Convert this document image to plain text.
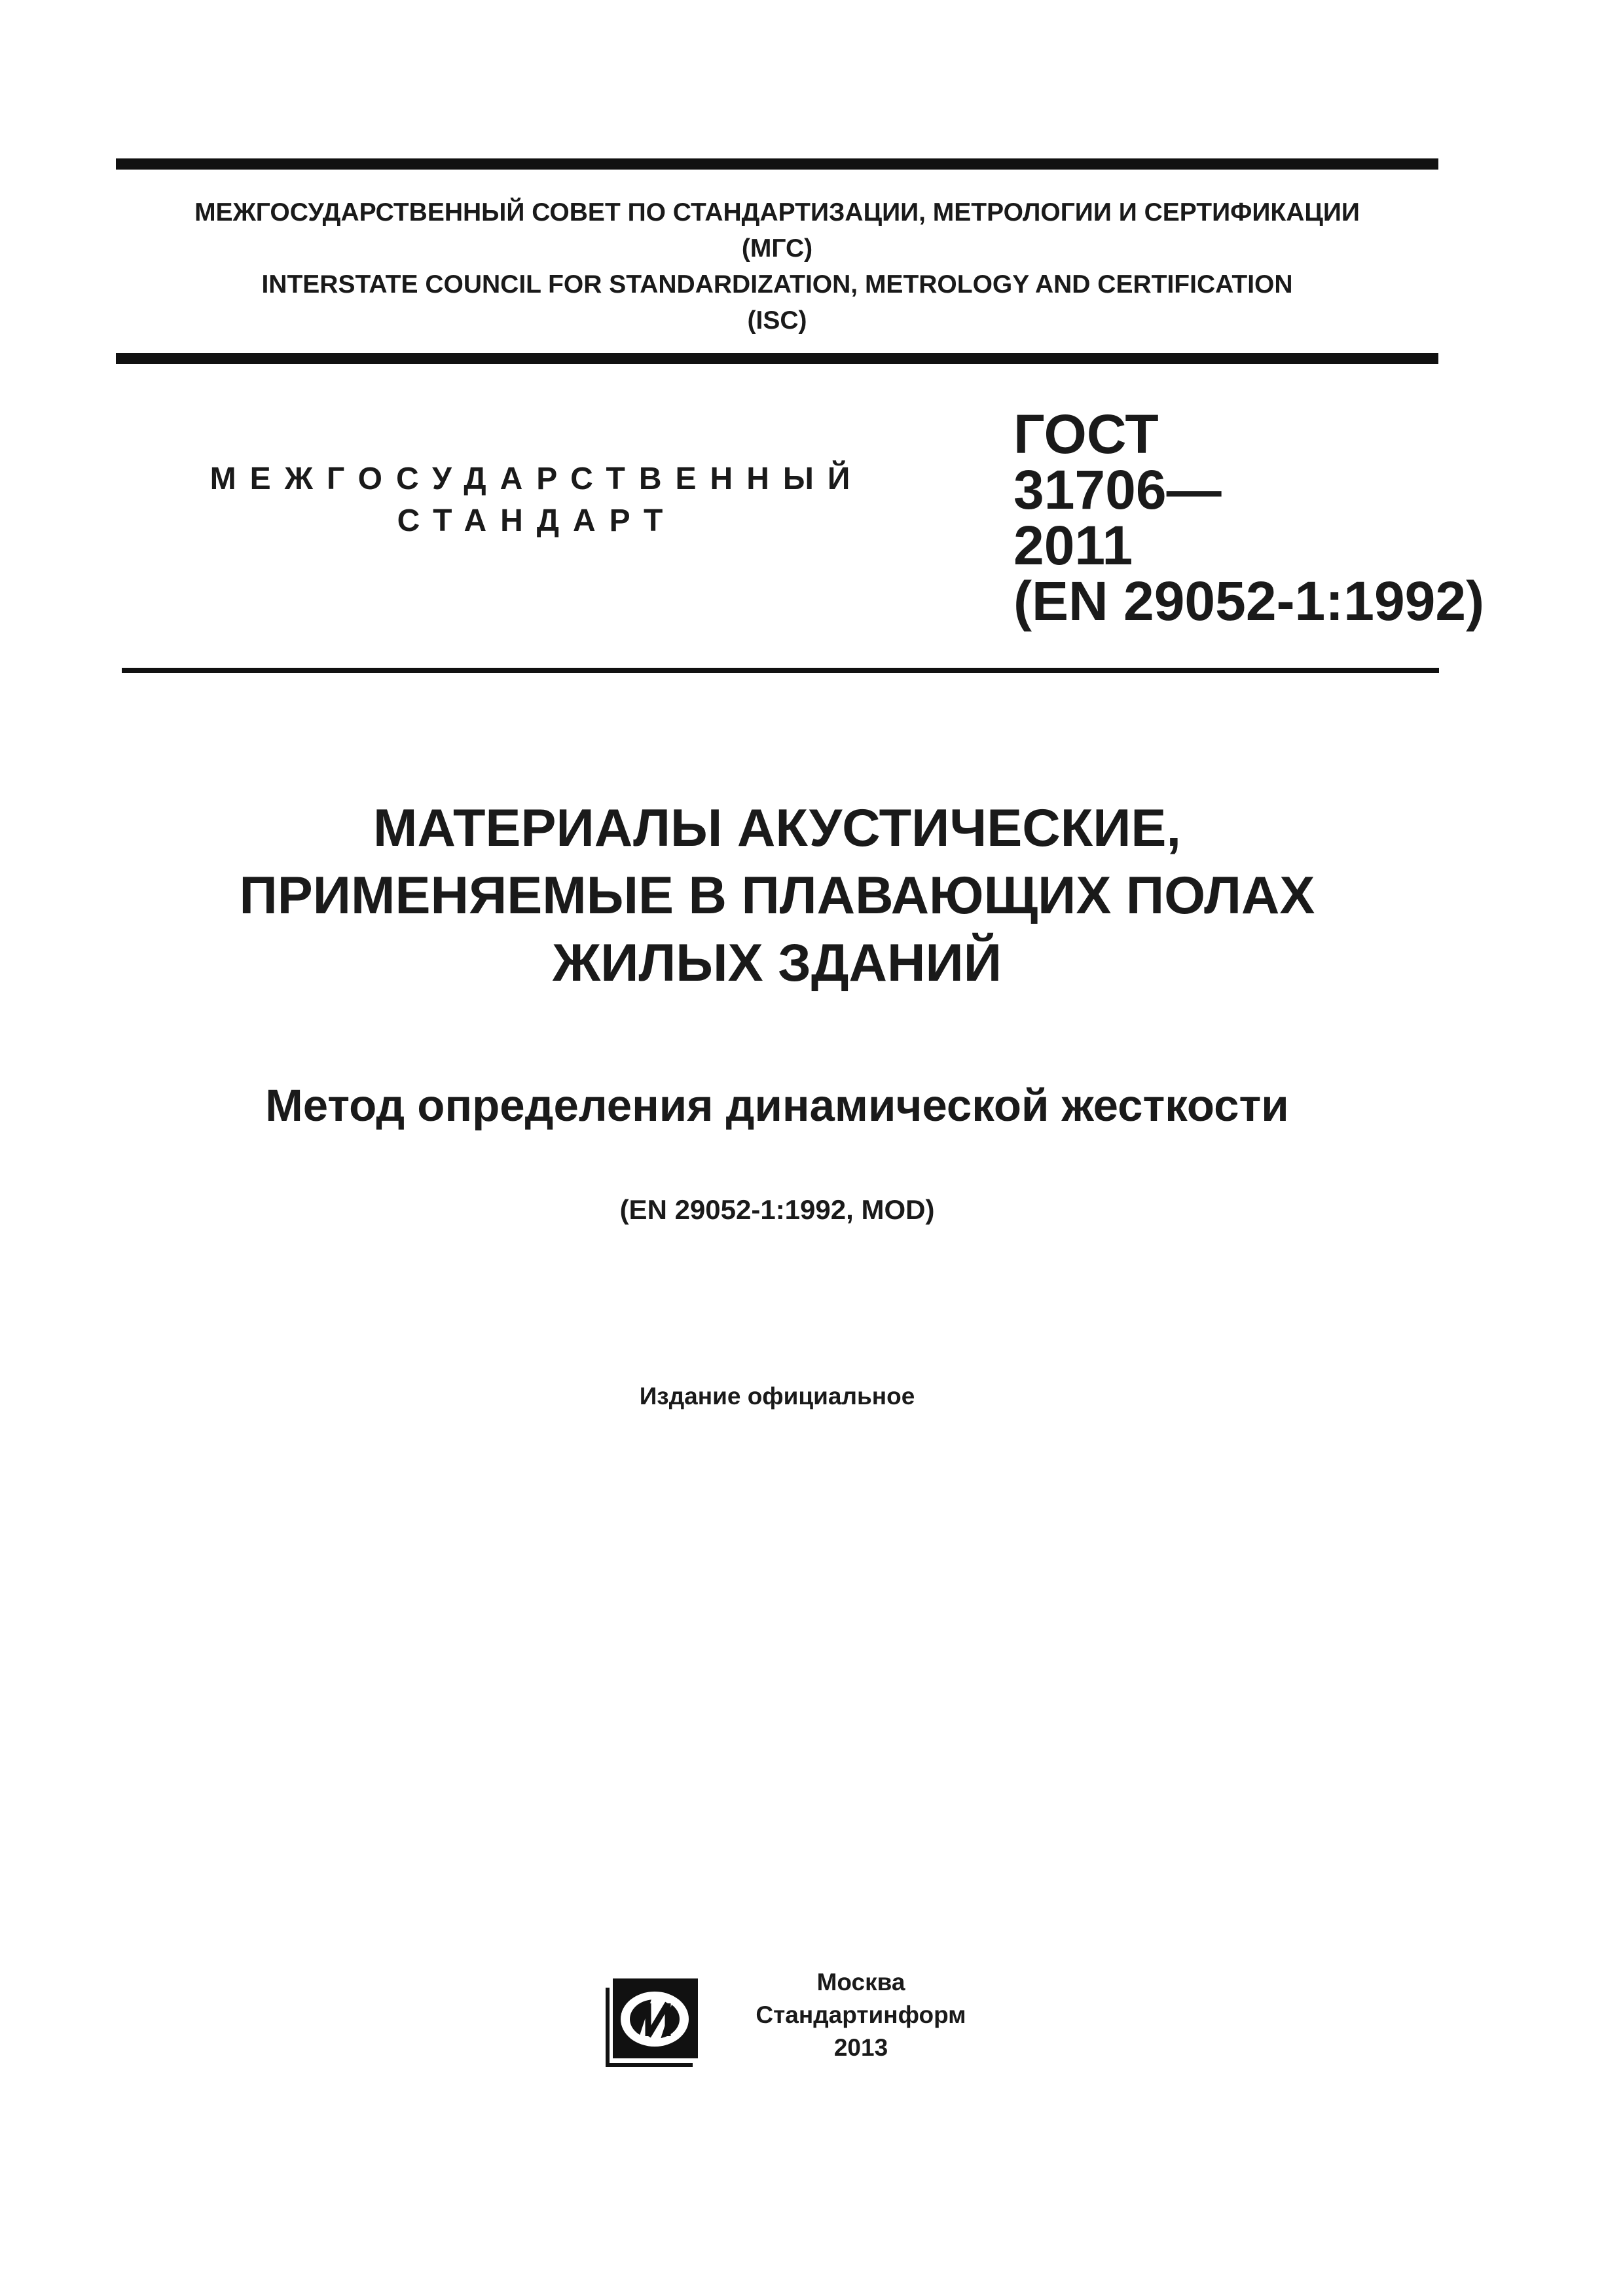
МЕЖГОСУДАРСТВЕННЫЙ СОВЕТ ПО СТАНДАРТИЗАЦИИ, МЕТРОЛОГИИ И СЕРТИФИКАЦИИ
(МГС)
INTERSTATE COUNCIL FOR STANDARDIZATION, METROLOGY AND CERTIFICATION
(ISC)
МЕЖГОСУДАРСТВЕННЫЙ
СТАНДАРТ
ГОСТ
31706—
2011
(EN 29052-1:1992)
МАТЕРИАЛЫ АКУСТИЧЕСКИЕ,
ПРИМЕНЯЕМЫЕ В ПЛАВАЮЩИХ ПОЛАХ
ЖИЛЫХ ЗДАНИЙ
Метод определения динамической жесткости
(EN 29052-1:1992, MOD)
Издание официальное
Москва
Стандартинформ
2013
